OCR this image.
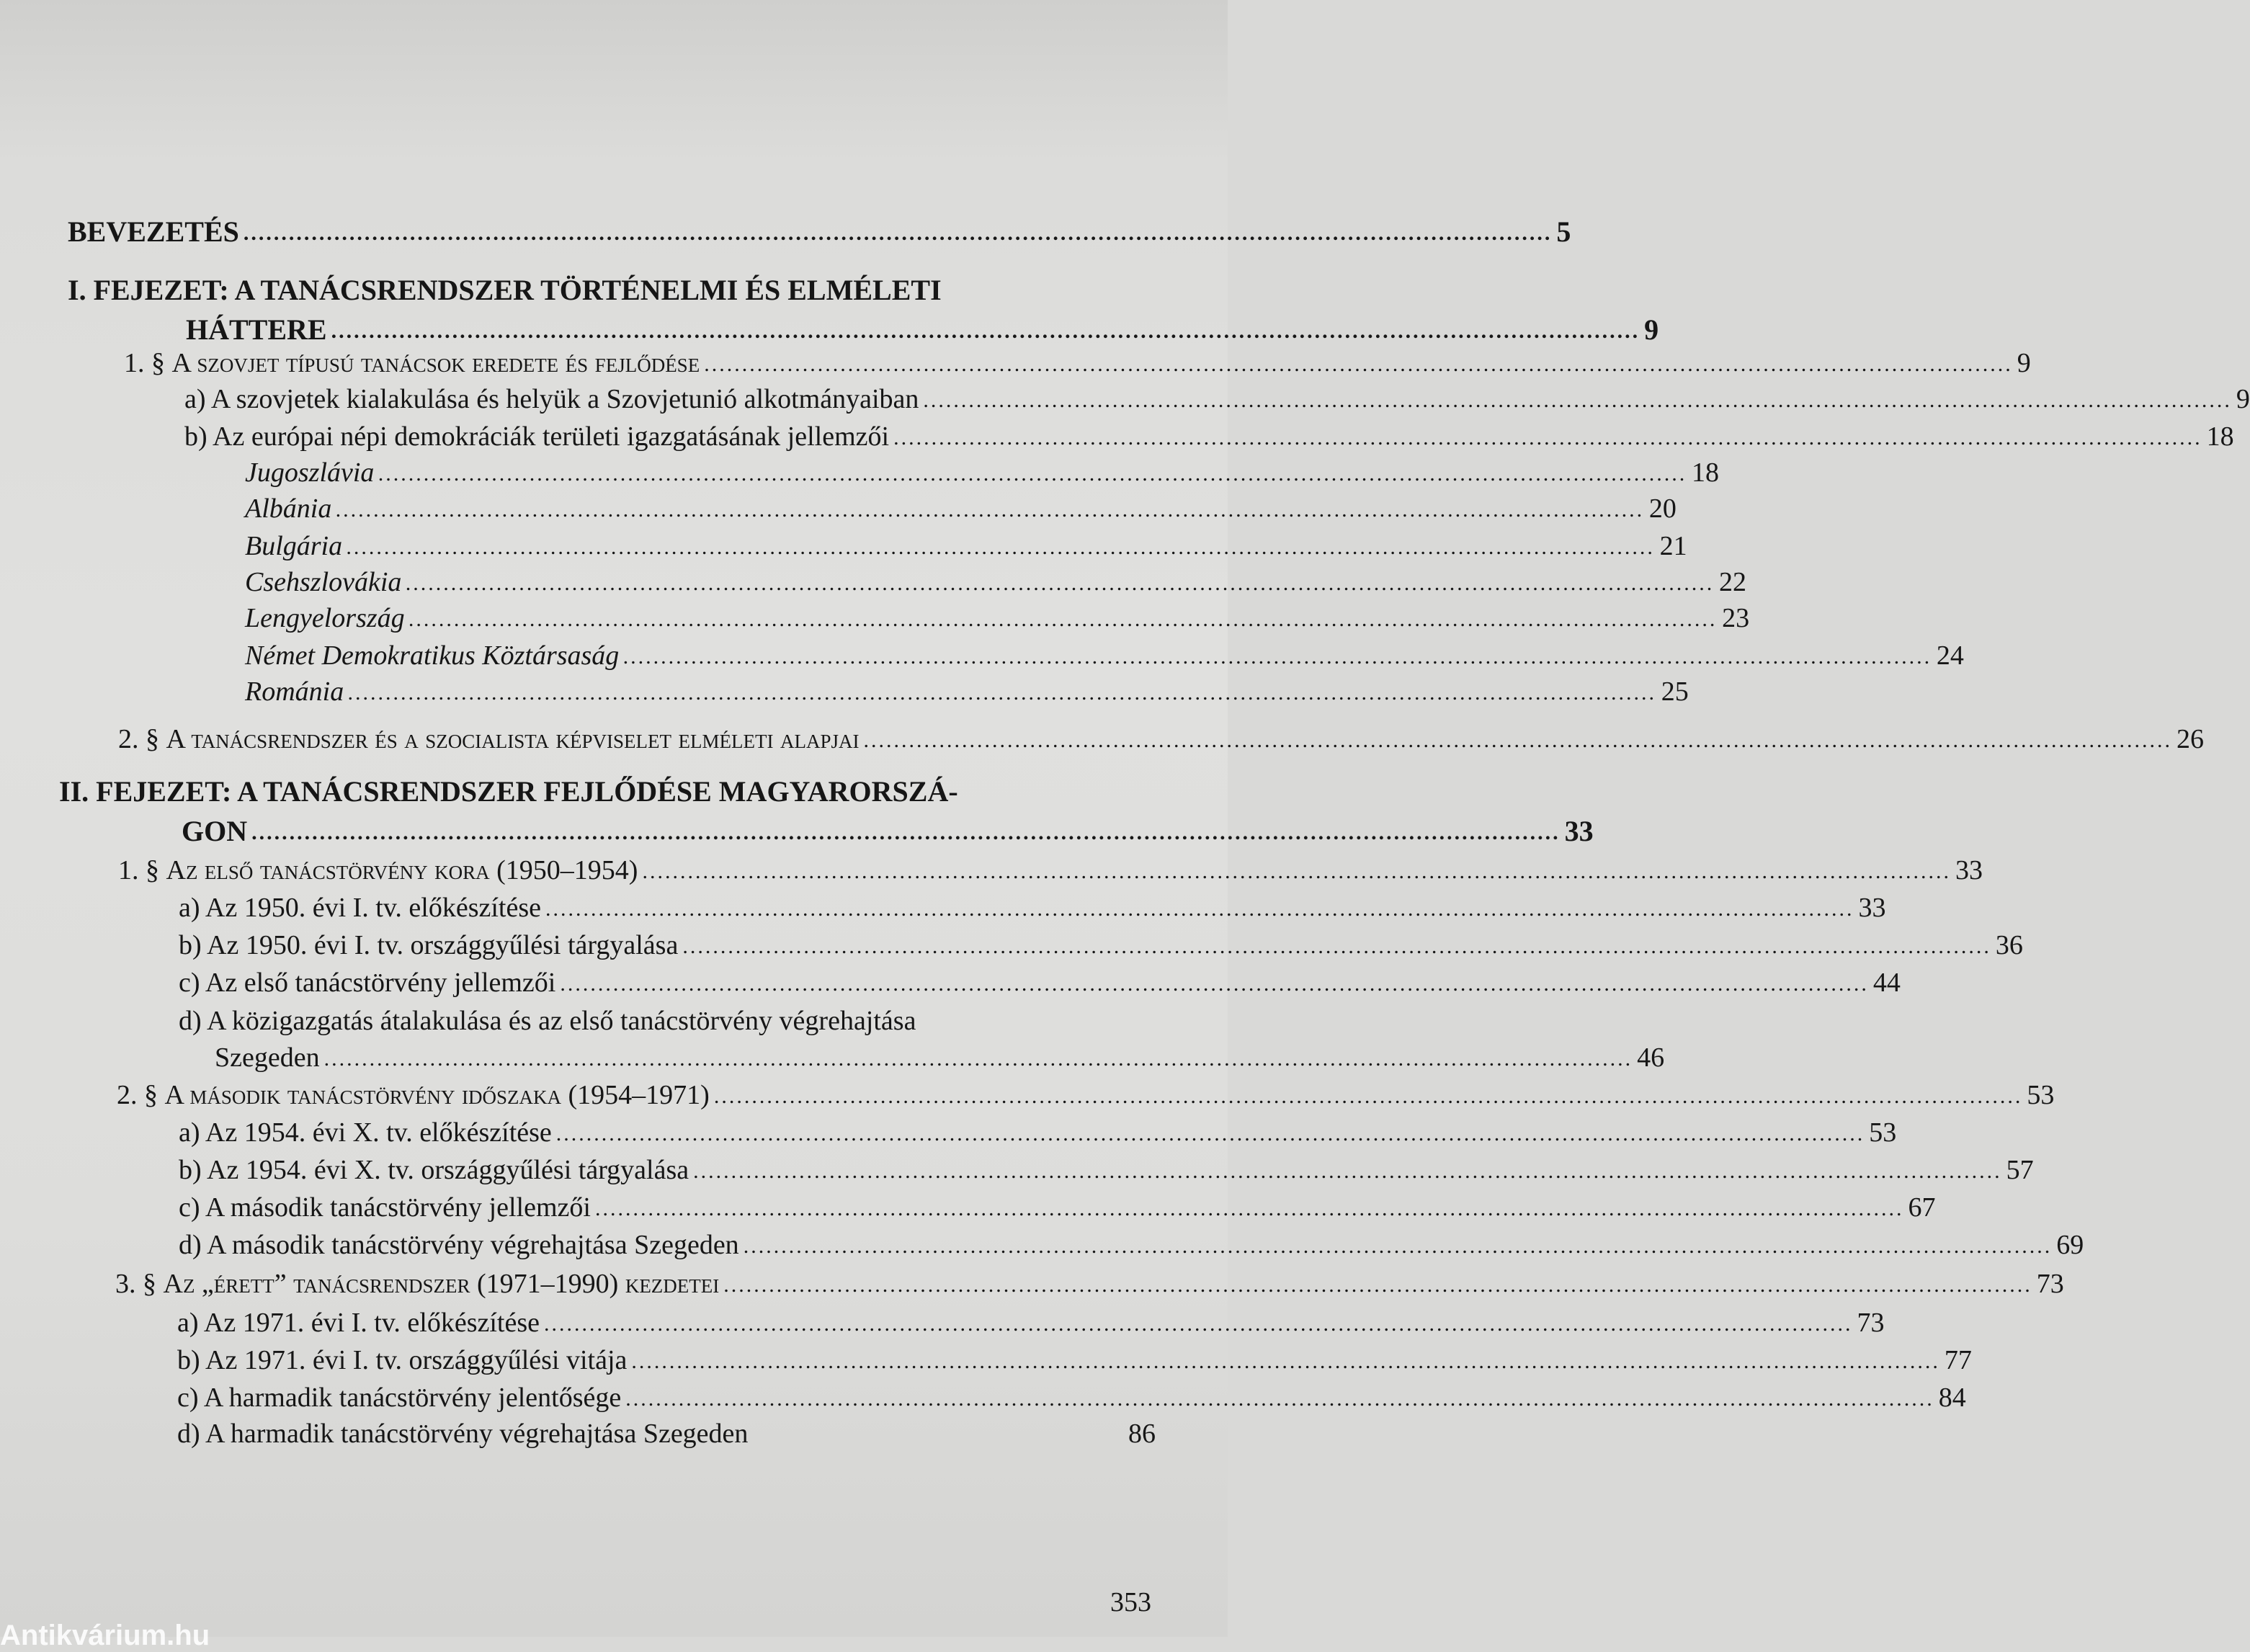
BEVEZETÉS ............................................................................................................................................................................. 5
I. FEJEZET: A TANÁCSRENDSZER TÖRTÉNELMI ÉS ELMÉLETI
HÁTTERE ............................................................................................................................................................................. 9
1. § A szovjet típusú tanácsok eredete és fejlődése ............................................................................................................................................................................. 9
a) A szovjetek kialakulása és helyük a Szovjetunió alkotmányaiban ............................................................................................................................................................................. 9
b) Az európai népi demokráciák területi igazgatásának jellemzői ............................................................................................................................................................................. 18
Jugoszlávia ............................................................................................................................................................................. 18
Albánia ............................................................................................................................................................................. 20
Bulgária ............................................................................................................................................................................. 21
Csehszlovákia ............................................................................................................................................................................. 22
Lengyelország ............................................................................................................................................................................. 23
Német Demokratikus Köztársaság ............................................................................................................................................................................. 24
Románia ............................................................................................................................................................................. 25
2. § A tanácsrendszer és a szocialista képviselet elméleti alapjai ............................................................................................................................................................................. 26
II. FEJEZET: A TANÁCSRENDSZER FEJLŐDÉSE MAGYARORSZÁ-
GON ............................................................................................................................................................................. 33
1. § Az első tanácstörvény kora (1950–1954) ............................................................................................................................................................................. 33
a) Az 1950. évi I. tv. előkészítése ............................................................................................................................................................................. 33
b) Az 1950. évi I. tv. országgyűlési tárgyalása ............................................................................................................................................................................. 36
c) Az első tanácstörvény jellemzői ............................................................................................................................................................................. 44
d) A közigazgatás átalakulása és az első tanácstörvény végrehajtása
Szegeden ............................................................................................................................................................................. 46
2. § A második tanácstörvény időszaka (1954–1971) ............................................................................................................................................................................. 53
a) Az 1954. évi X. tv. előkészítése ............................................................................................................................................................................. 53
b) Az 1954. évi X. tv. országgyűlési tárgyalása ............................................................................................................................................................................. 57
c) A második tanácstörvény jellemzői ............................................................................................................................................................................. 67
d) A második tanácstörvény végrehajtása Szegeden ............................................................................................................................................................................. 69
3. § Az „érett” tanácsrendszer (1971–1990) kezdetei ............................................................................................................................................................................. 73
a) Az 1971. évi I. tv. előkészítése ............................................................................................................................................................................. 73
b) Az 1971. évi I. tv. országgyűlési vitája ............................................................................................................................................................................. 77
c) A harmadik tanácstörvény jelentősége ............................................................................................................................................................................. 84
d) A harmadik tanácstörvény végrehajtása Szegeden	86
353
Antikvárium.hu
